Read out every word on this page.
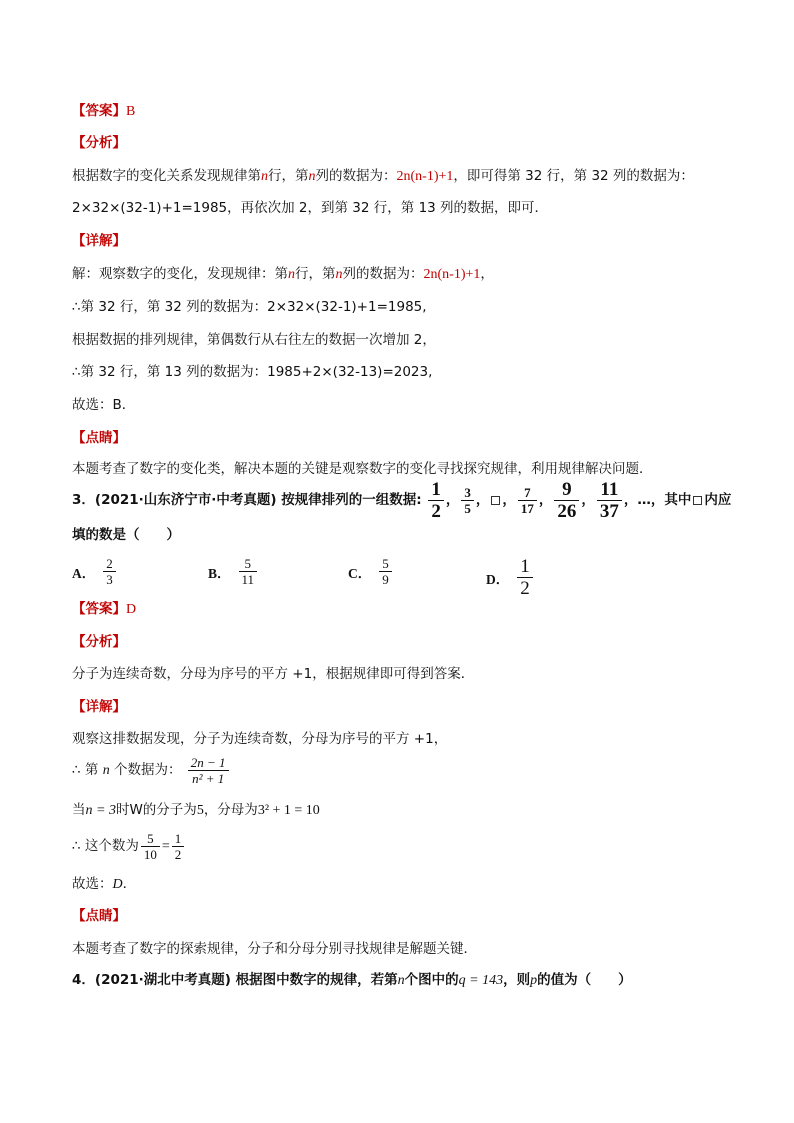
【答案】B
【分析】
根据数字的变化关系发现规律第n行，第n列的数据为：2n(n-1)+1，即可得第 32 行，第 32 列的数据为：
2×32×(32-1)+1=1985，再依次加 2，到第 32 行，第 13 列的数据，即可．
【详解】
解：观察数字的变化，发现规律：第n行，第n列的数据为：2n(n-1)+1，
∴第 32 行，第 32 列的数据为：2×32×(32-1)+1=1985,
根据数据的排列规律，第偶数行从右往左的数据一次增加 2，
∴第 32 行，第 13 列的数据为：1985+2×(32-13)=2023,
故选：B．
【点睛】
本题考查了数字的变化类，解决本题的关键是观察数字的变化寻找探究规律，利用规律解决问题．
3．(2021·山东济宁市·中考真题) 按规律排列的一组数据: $\frac{1}{2}$ ， $\frac{3}{5}$ ， ， $\frac{7}{17}$ ， $\frac{9}{26}$ ， $\frac{11}{37}$ ，…，其中 内应
填的数是（　　）
A． $\frac{2}{3}$	B． $\frac{5}{11}$	C． $\frac{5}{9}$	D． $\frac{1}{2}$
【答案】D
【分析】
分子为连续奇数，分母为序号的平方 +1，根据规律即可得到答案．
【详解】
观察这排数据发现，分子为连续奇数，分母为序号的平方 +1，
∴ 第 n 个数据为： $\frac{2n - 1}{\text{n² + 1}}$
当n = 3时W的分子为5，分母为3² + 1 = 10
∴ 这个数为 $\frac{5}{10} = \frac{1}{2}$
故选：D．
【点睛】
本题考查了数字的探索规律，分子和分母分别寻找规律是解题关键．
4．(2021·湖北中考真题) 根据图中数字的规律，若第n个图中的q = 143，则p的值为（　　）
